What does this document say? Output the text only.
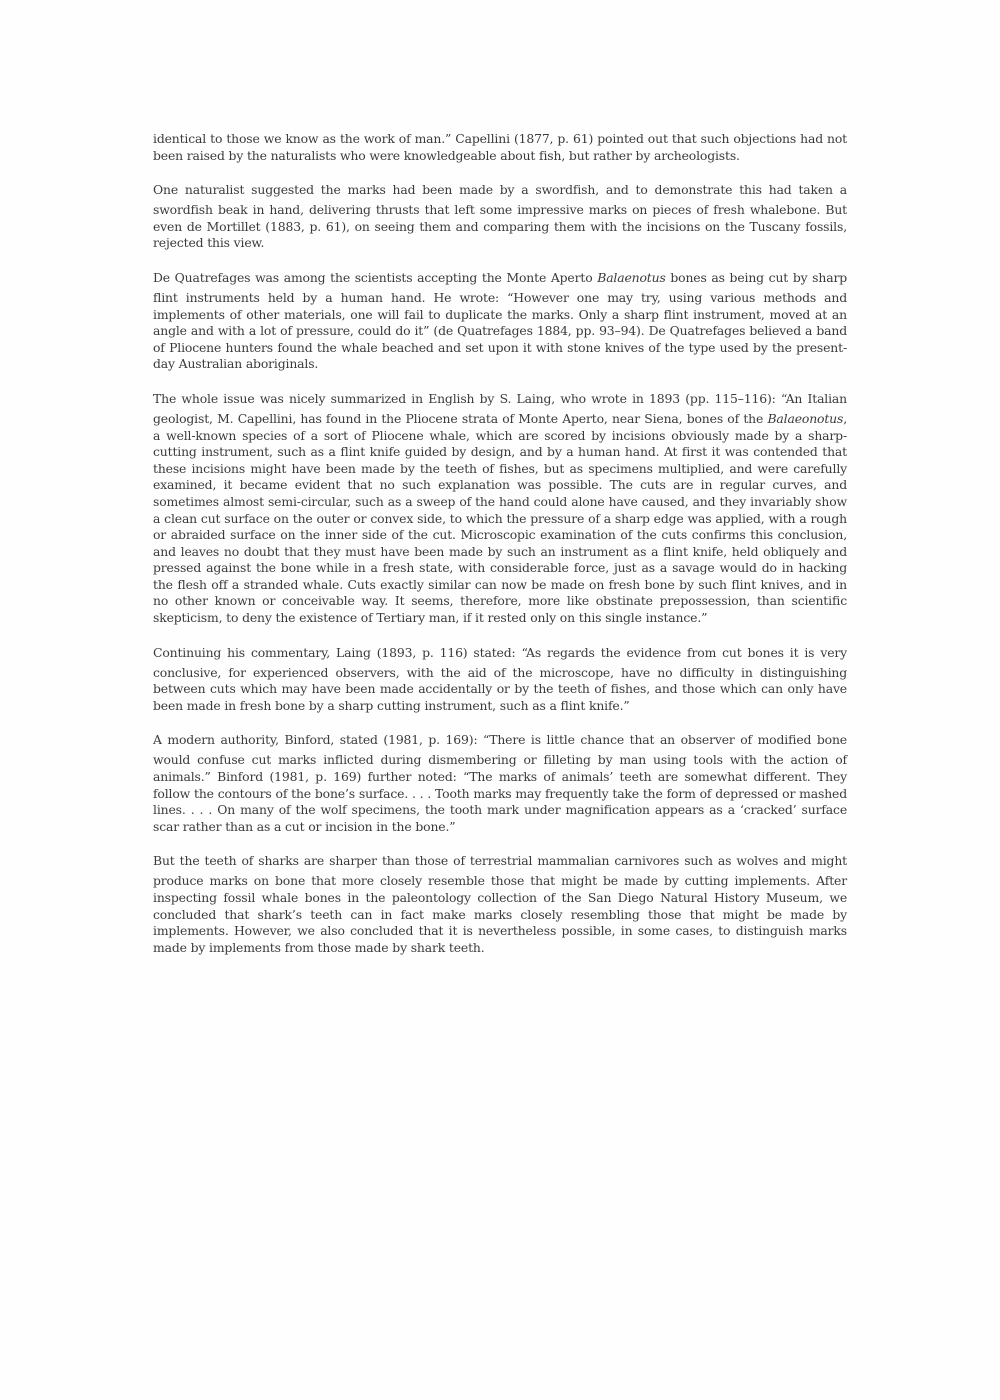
identical to those we know as the work of man.” Capellini (1877, p. 61) pointed out that such objections had not been raised by the naturalists who were knowledgeable about fish, but rather by archeologists.

One naturalist suggested the marks had been made by a swordfish, and to demonstrate this had taken a swordfish beak in hand, delivering thrusts that left some impressive marks on pieces of fresh whalebone. But even de Mortillet (1883, p. 61), on seeing them and comparing them with the incisions on the Tuscany fossils, rejected this view.

De Quatrefages was among the scientists accepting the Monte Aperto Balaenotus bones as being cut by sharp flint instruments held by a human hand. He wrote: “However one may try, using various methods and implements of other materials, one will fail to duplicate the marks. Only a sharp flint instrument, moved at an angle and with a lot of pressure, could do it” (de Quatrefages 1884, pp. 93–94). De Quatrefages believed a band of Pliocene hunters found the whale beached and set upon it with stone knives of the type used by the present-day Australian aboriginals.

The whole issue was nicely summarized in English by S. Laing, who wrote in 1893 (pp. 115–116): “An Italian geologist, M. Capellini, has found in the Pliocene strata of Monte Aperto, near Siena, bones of the Balaeonotus, a well-known species of a sort of Pliocene whale, which are scored by incisions obviously made by a sharp-cutting instrument, such as a flint knife guided by design, and by a human hand. At first it was contended that these incisions might have been made by the teeth of fishes, but as specimens multiplied, and were carefully examined, it became evident that no such explanation was possible. The cuts are in regular curves, and sometimes almost semi-circular, such as a sweep of the hand could alone have caused, and they invariably show a clean cut surface on the outer or convex side, to which the pressure of a sharp edge was applied, with a rough or abraided surface on the inner side of the cut. Microscopic examination of the cuts confirms this conclusion, and leaves no doubt that they must have been made by such an instrument as a flint knife, held obliquely and pressed against the bone while in a fresh state, with considerable force, just as a savage would do in hacking the flesh off a stranded whale. Cuts exactly similar can now be made on fresh bone by such flint knives, and in no other known or conceivable way. It seems, therefore, more like obstinate prepossession, than scientific skepticism, to deny the existence of Tertiary man, if it rested only on this single instance.”

Continuing his commentary, Laing (1893, p. 116) stated: “As regards the evidence from cut bones it is very conclusive, for experienced observers, with the aid of the microscope, have no difficulty in distinguishing between cuts which may have been made accidentally or by the teeth of fishes, and those which can only have been made in fresh bone by a sharp cutting instrument, such as a flint knife.”

A modern authority, Binford, stated (1981, p. 169): “There is little chance that an observer of modified bone would confuse cut marks inflicted during dismembering or filleting by man using tools with the action of animals.” Binford (1981, p. 169) further noted: “The marks of animals’ teeth are somewhat different. They follow the contours of the bone’s surface. . . . Tooth marks may frequently take the form of depressed or mashed lines. . . . On many of the wolf specimens, the tooth mark under magnification appears as a ‘cracked’ surface scar rather than as a cut or incision in the bone.”

But the teeth of sharks are sharper than those of terrestrial mammalian carnivores such as wolves and might produce marks on bone that more closely resemble those that might be made by cutting implements. After inspecting fossil whale bones in the paleontology collection of the San Diego Natural History Museum, we concluded that shark’s teeth can in fact make marks closely resembling those that might be made by implements. However, we also concluded that it is nevertheless possible, in some cases, to distinguish marks made by implements from those made by shark teeth.
